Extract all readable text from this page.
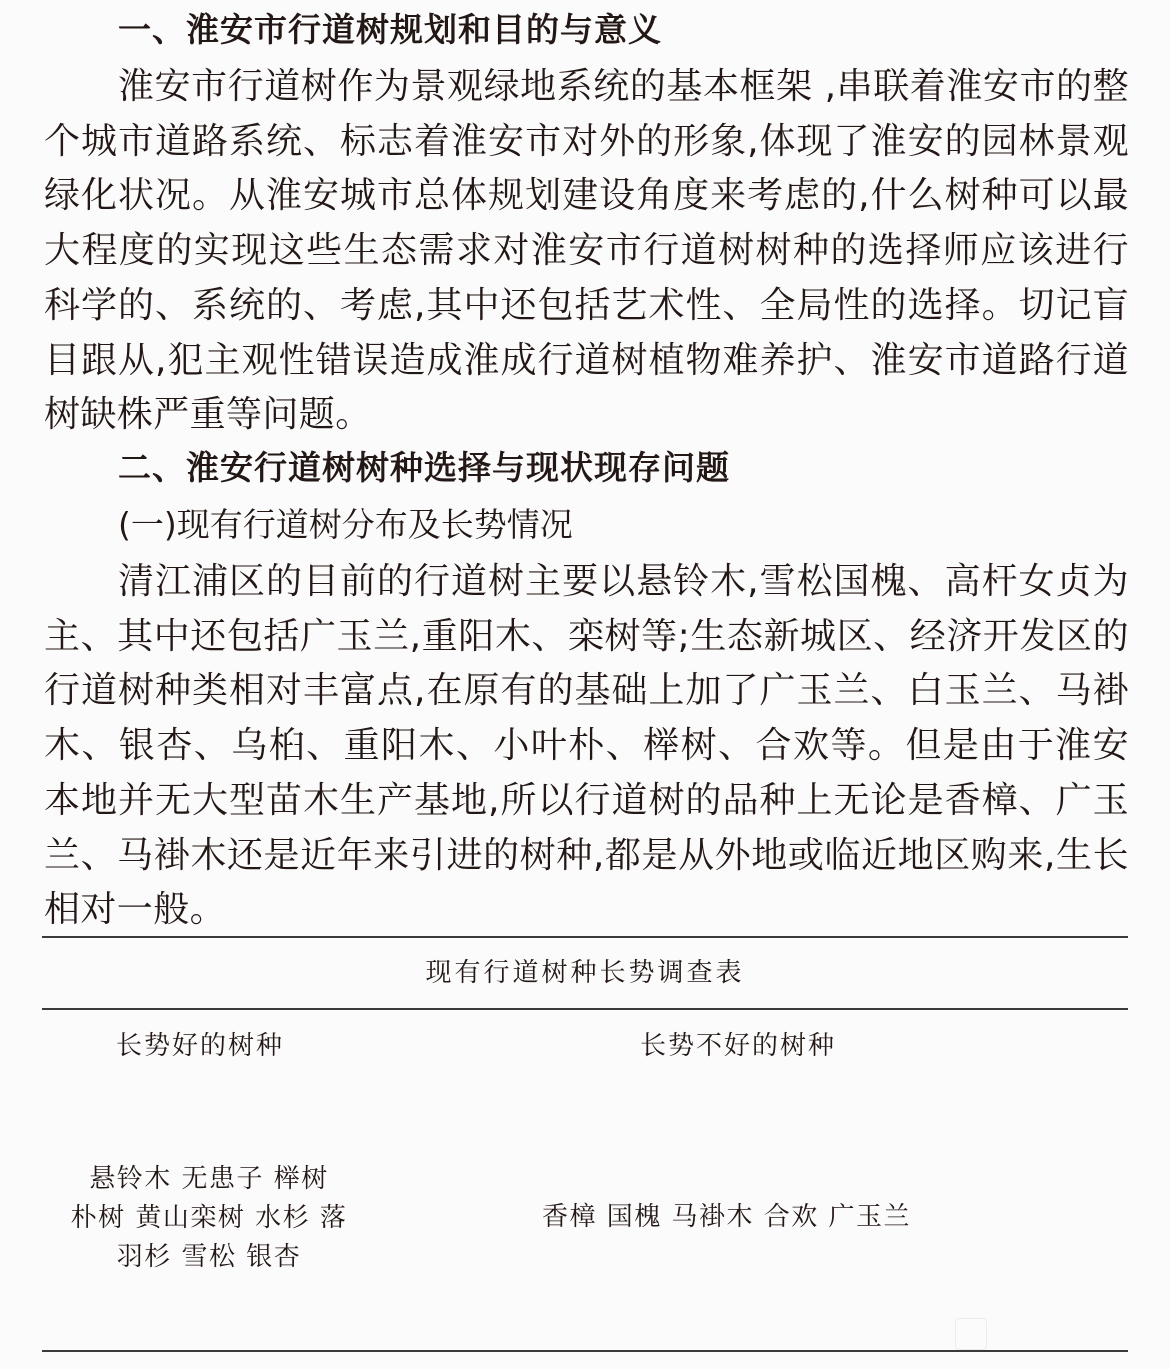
一、淮安市行道树规划和目的与意义

淮安市行道树作为景观绿地系统的基本框架 ,串联着淮安市的整个城市道路系统、标志着淮安市对外的形象,体现了淮安的园林景观绿化状况。从淮安城市总体规划建设角度来考虑的,什么树种可以最大程度的实现这些生态需求对淮安市行道树树种的选择师应该进行科学的、系统的、考虑,其中还包括艺术性、全局性的选择。切记盲目跟从,犯主观性错误造成淮成行道树植物难养护、淮安市道路行道树缺株严重等问题。

二、淮安行道树树种选择与现状现存问题

(一)现有行道树分布及长势情况

清江浦区的目前的行道树主要以悬铃木,雪松国槐、高杆女贞为主、其中还包括广玉兰,重阳木、栾树等;生态新城区、经济开发区的行道树种类相对丰富点,在原有的基础上加了广玉兰、白玉兰、马褂木、银杏、乌桕、重阳木、小叶朴、榉树、合欢等。但是由于淮安本地并无大型苗木生产基地,所以行道树的品种上无论是香樟、广玉兰、马褂木还是近年来引进的树种,都是从外地或临近地区购来,生长相对一般。

现有行道树种长势调查表

长势好的树种	长势不好的树种

悬铃木 无患子 榉树
朴树 黄山栾树 水杉 落
羽杉 雪松 银杏

香樟 国槐 马褂木 合欢 广玉兰
